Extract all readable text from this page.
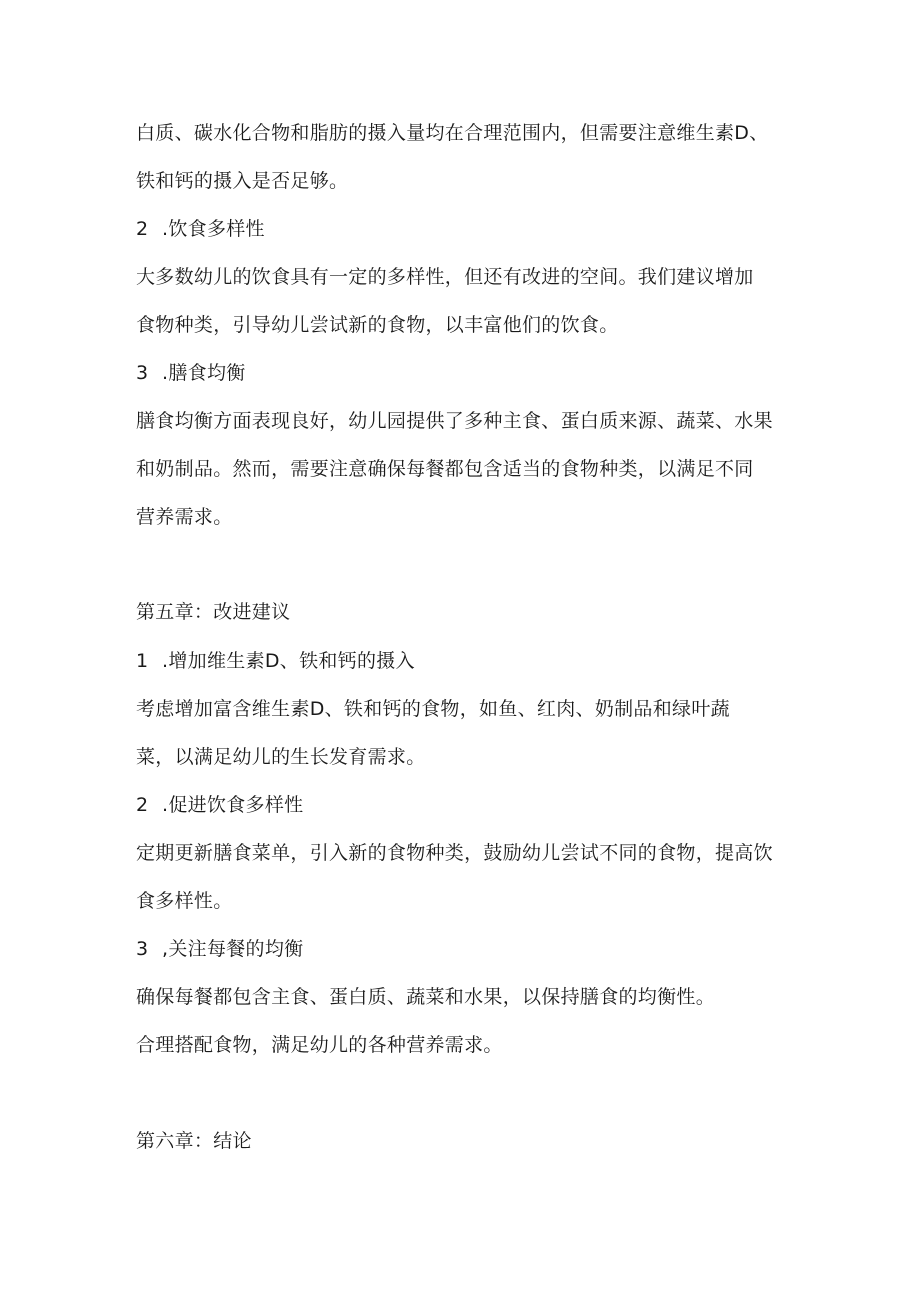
白质、碳水化合物和脂肪的摄入量均在合理范围内，但需要注意维生素D、
铁和钙的摄入是否足够。
2 .饮食多样性
大多数幼儿的饮食具有一定的多样性，但还有改进的空间。我们建议增加
食物种类，引导幼儿尝试新的食物，以丰富他们的饮食。
3 .膳食均衡
膳食均衡方面表现良好，幼儿园提供了多种主食、蛋白质来源、蔬菜、水果
和奶制品。然而，需要注意确保每餐都包含适当的食物种类，以满足不同
营养需求。
第五章：改进建议
1 .增加维生素D、铁和钙的摄入
考虑增加富含维生素D、铁和钙的食物，如鱼、红肉、奶制品和绿叶蔬
菜，以满足幼儿的生长发育需求。
2 .促进饮食多样性
定期更新膳食菜单，引入新的食物种类，鼓励幼儿尝试不同的食物，提高饮
食多样性。
3 ,关注每餐的均衡
确保每餐都包含主食、蛋白质、蔬菜和水果，以保持膳食的均衡性。
合理搭配食物，满足幼儿的各种营养需求。
第六章：结论
